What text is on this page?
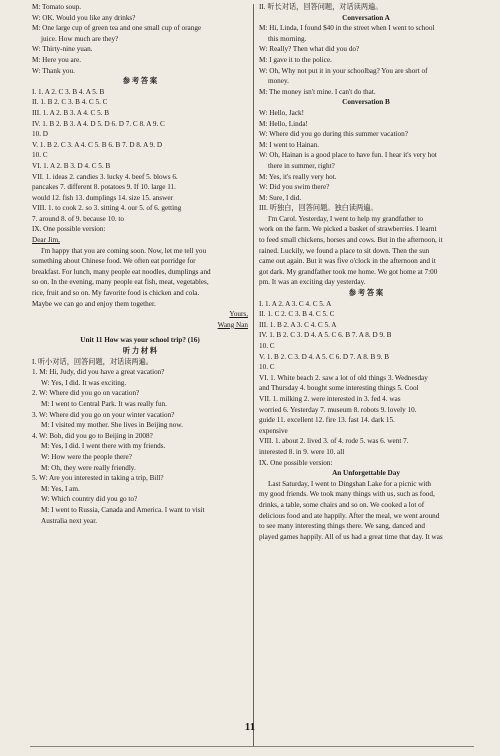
M: Tomato soup.
W: OK. Would you like any drinks?
M: One large cup of green tea and one small cup of orange
juice. How much are they?
W: Thirty-nine yuan.
M: Here you are.
W: Thank you.
参 考 答 案
I. 1. A 2. C 3. B 4. A 5. B
II. 1. B 2. C 3. B 4. C 5. C
III. 1. A 2. B 3. A 4. C 5. B
IV. 1. B 2. B 3. A 4. D 5. D 6. D 7. C 8. A 9. C
10. D
V. 1. B 2. C 3. A 4. C 5. B 6. B 7. D 8. A 9. D
10. C
VI. 1. A 2. B 3. D 4. C 5. B
VII. 1. ideas 2. candies 3. lucky 4. beef 5. blows 6.
pancakes 7. different 8. potatoes 9. If 10. large 11.
would 12. fish 13. dumplings 14. size 15. answer
VIII. 1. to cook 2. so 3. sitting 4. our 5. of 6. getting
7. around 8. of 9. because 10. to
IX. One possible version:
Dear Jim,
I'm happy that you are coming soon. Now, let me tell you
something about Chinese food. We often eat porridge for
breakfast. For lunch, many people eat noodles, dumplings and
so on. In the evening, many people eat fish, meat, vegetables,
rice, fruit and so on. My favorite food is chicken and cola.
Maybe we can go and enjoy them together.
Yours,
Wang Nan
Unit 11 How was your school trip? (16)
听 力 材 料
I. 听小对话，回答问题，对话读两遍。
1. M: Hi, Judy, did you have a great vacation?
W: Yes, I did. It was exciting.
2. W: Where did you go on vacation?
M: I went to Central Park. It was really fun.
3. W: Where did you go on your winter vacation?
M: I visited my mother. She lives in Beijing now.
4. W: Bob, did you go to Beijing in 2008?
M: Yes, I did. I went there with my friends.
W: How were the people there?
M: Oh, they were really friendly.
5. W: Are you interested in taking a trip, Bill?
M: Yes, I am.
W: Which country did you go to?
M: I went to Russia, Canada and America. I want to visit
Australia next year.
II. 听长对话，回答问题，对话读两遍。
Conversation A
M: Hi, Linda, I found $40 in the street when I went to school
this morning.
W: Really? Then what did you do?
M: I gave it to the police.
W: Oh, Why not put it in your schoolbag? You are short of
money.
M: The money isn't mine. I can't do that.
Conversation B
W: Hello, Jack!
M: Hello, Linda!
W: Where did you go during this summer vacation?
M: I went to Hainan.
W: Oh, Hainan is a good place to have fun. I hear it's very hot
there in summer, right?
M: Yes, it's really very hot.
W: Did you swim there?
M: Sure, I did.
III. 听独白，回答问题。独白读两遍。
I'm Carol. Yesterday, I went to help my grandfather to
work on the farm. We picked a basket of strawberries. I learnt
to feed small chickens, horses and cows. But in the afternoon, it
rained. Luckily, we found a place to sit down. Then the sun
came out again. But it was five o'clock in the afternoon and it
got dark. My grandfather took me home. We got home at 7:00
pm. It was an exciting day yesterday.
参 考 答 案
I. 1. A 2. A 3. C 4. C 5. A
II. 1. C 2. C 3. B 4. C 5. C
III. 1. B 2. A 3. C 4. C 5. A
IV. 1. B 2. C 3. D 4. A 5. C 6. B 7. A 8. D 9. B
10. C
V. 1. B 2. C 3. D 4. A 5. C 6. D 7. A 8. B 9. B
10. C
VI. 1. White beach 2. saw a lot of old things 3. Wednesday
and Thursday 4. bought some interesting things 5. Cool
VII. 1. milking 2. were interested in 3. fed 4. was
worried 6. Yesterday 7. museum 8. robots 9. lovely 10.
guide 11. excellent 12. fire 13. fast 14. dark 15.
expensive
VIII. 1. about 2. lived 3. of 4. rode 5. was 6. went 7.
interested 8. in 9. were 10. all
IX. One possible version:
An Unforgettable Day
Last Saturday, I went to Dingshan Lake for a picnic with
my good friends. We took many things with us, such as food,
drinks, a table, some chairs and so on. We cooked a lot of
delicious food and ate happily. After the meal, we went around
to see many interesting things there. We sang, danced and
played games happily. All of us had a great time that day. It was
11
